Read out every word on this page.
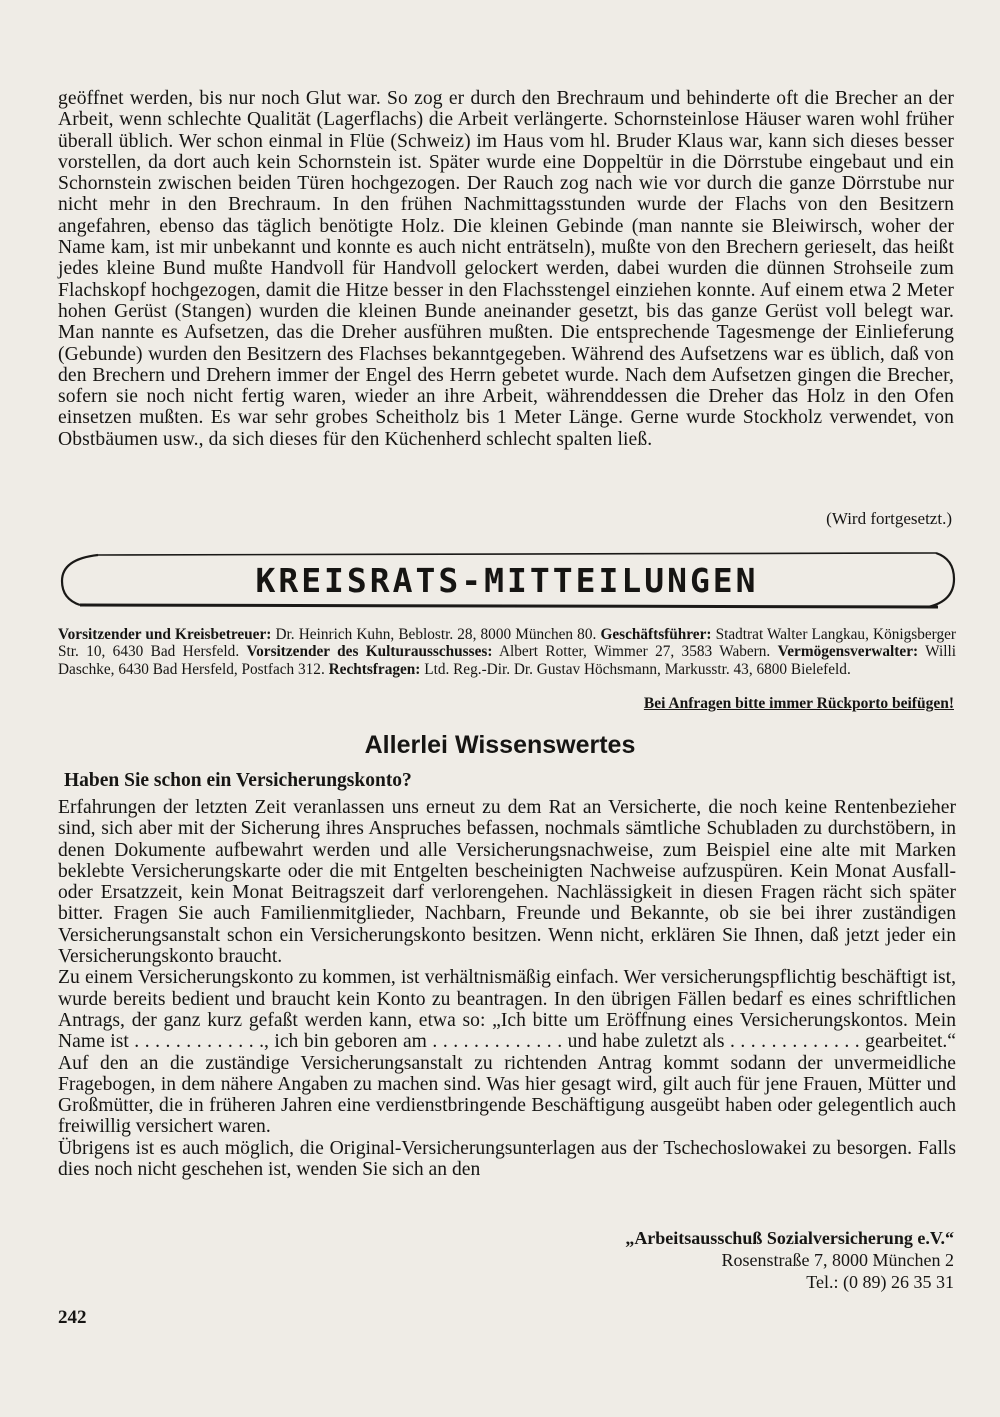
geöffnet werden, bis nur noch Glut war. So zog er durch den Brechraum und behinderte oft die Brecher an der Arbeit, wenn schlechte Qualität (Lagerflachs) die Arbeit verlängerte. Schornsteinlose Häuser waren wohl früher überall üblich. Wer schon einmal in Flüe (Schweiz) im Haus vom hl. Bruder Klaus war, kann sich dieses besser vorstellen, da dort auch kein Schornstein ist. Später wurde eine Doppeltür in die Dörrstube eingebaut und ein Schornstein zwischen beiden Türen hochgezogen. Der Rauch zog nach wie vor durch die ganze Dörrstube nur nicht mehr in den Brechraum. In den frühen Nachmittagsstunden wurde der Flachs von den Besitzern angefahren, ebenso das täglich benötigte Holz. Die kleinen Gebinde (man nannte sie Bleiwirsch, woher der Name kam, ist mir unbekannt und konnte es auch nicht enträtseln), mußte von den Brechern gerieselt, das heißt jedes kleine Bund mußte Handvoll für Handvoll gelockert werden, dabei wurden die dünnen Strohseile zum Flachskopf hochgezogen, damit die Hitze besser in den Flachsstengel einziehen konnte. Auf einem etwa 2 Meter hohen Gerüst (Stangen) wurden die kleinen Bunde aneinander gesetzt, bis das ganze Gerüst voll belegt war. Man nannte es Aufsetzen, das die Dreher ausführen mußten. Die entsprechende Tagesmenge der Einlieferung (Gebunde) wurden den Besitzern des Flachses bekanntgegeben. Während des Aufsetzens war es üblich, daß von den Brechern und Drehern immer der Engel des Herrn gebetet wurde. Nach dem Aufsetzen gingen die Brecher, sofern sie noch nicht fertig waren, wieder an ihre Arbeit, währenddessen die Dreher das Holz in den Ofen einsetzen mußten. Es war sehr grobes Scheitholz bis 1 Meter Länge. Gerne wurde Stockholz verwendet, von Obstbäumen usw., da sich dieses für den Küchenherd schlecht spalten ließ.
(Wird fortgesetzt.)
KREISRATS-MITTEILUNGEN
Vorsitzender und Kreisbetreuer: Dr. Heinrich Kuhn, Beblostr. 28, 8000 München 80. Geschäftsführer: Stadtrat Walter Langkau, Königsberger Str. 10, 6430 Bad Hersfeld. Vorsitzender des Kulturausschusses: Albert Rotter, Wimmer 27, 3583 Wabern. Vermögensverwalter: Willi Daschke, 6430 Bad Hersfeld, Postfach 312. Rechtsfragen: Ltd. Reg.-Dir. Dr. Gustav Höchsmann, Markusstr. 43, 6800 Bielefeld.
Bei Anfragen bitte immer Rückporto beifügen!
Allerlei Wissenswertes
Haben Sie schon ein Versicherungskonto?

Erfahrungen der letzten Zeit veranlassen uns erneut zu dem Rat an Versicherte, die noch keine Rentenbezieher sind, sich aber mit der Sicherung ihres Anspruches befassen, nochmals sämtliche Schubladen zu durchstöbern, in denen Dokumente aufbewahrt werden und alle Versicherungsnachweise, zum Beispiel eine alte mit Marken beklebte Versicherungskarte oder die mit Entgelten bescheinigten Nachweise aufzuspüren. Kein Monat Ausfall- oder Ersatzzeit, kein Monat Beitragszeit darf verlorengehen. Nachlässigkeit in diesen Fragen rächt sich später bitter. Fragen Sie auch Familienmitglieder, Nachbarn, Freunde und Bekannte, ob sie bei ihrer zuständigen Versicherungsanstalt schon ein Versicherungskonto besitzen. Wenn nicht, erklären Sie Ihnen, daß jetzt jeder ein Versicherungskonto braucht.

Zu einem Versicherungskonto zu kommen, ist verhältnismäßig einfach. Wer versicherungspflichtig beschäftigt ist, wurde bereits bedient und braucht kein Konto zu beantragen. In den übrigen Fällen bedarf es eines schriftlichen Antrags, der ganz kurz gefaßt werden kann, etwa so: „Ich bitte um Eröffnung eines Versicherungskontos. Mein Name ist . . . . . . . . . . . . ., ich bin geboren am . . . . . . . . . . . . . und habe zuletzt als . . . . . . . . . . . . . gearbeitet.“ Auf den an die zuständige Versicherungsanstalt zu richtenden Antrag kommt sodann der unvermeidliche Fragebogen, in dem nähere Angaben zu machen sind. Was hier gesagt wird, gilt auch für jene Frauen, Mütter und Großmütter, die in früheren Jahren eine verdienstbringende Beschäftigung ausgeübt haben oder gelegentlich auch freiwillig versichert waren.

Übrigens ist es auch möglich, die Original-Versicherungsunterlagen aus der Tschechoslowakei zu besorgen. Falls dies noch nicht geschehen ist, wenden Sie sich an den

„Arbeitsausschuß Sozialversicherung e.V.“
Rosenstraße 7, 8000 München 2
Tel.: (0 89) 26 35 31
242
